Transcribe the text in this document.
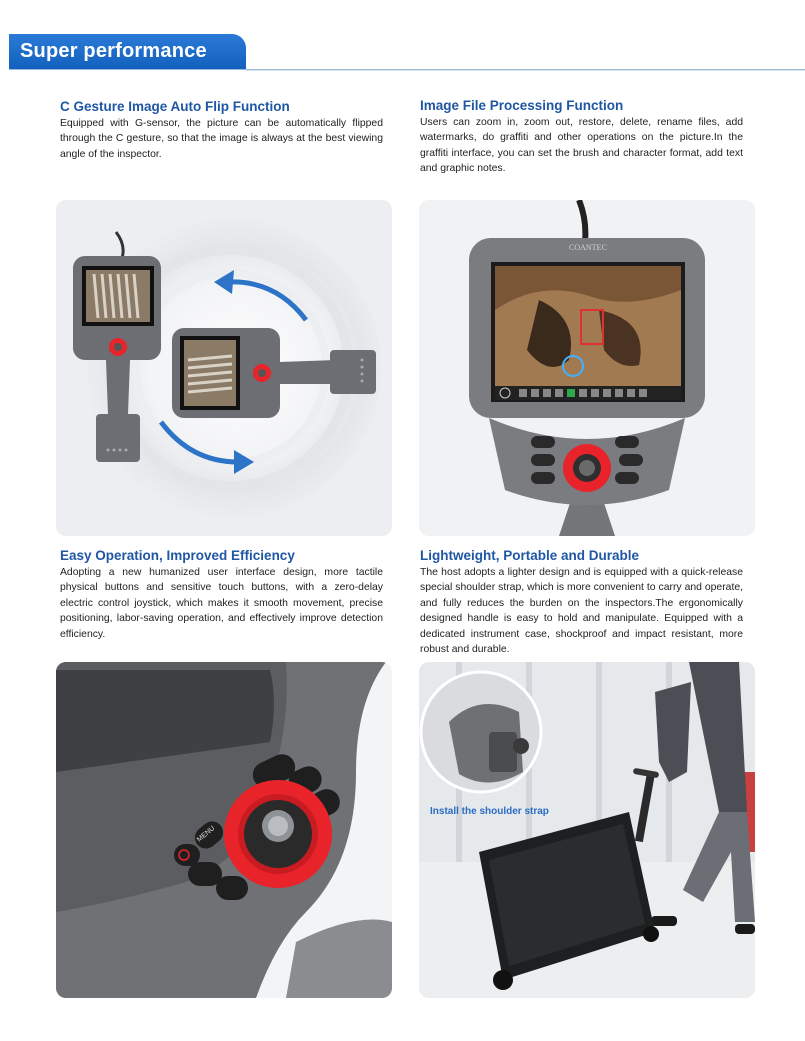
Super performance
C Gesture Image Auto Flip Function

Equipped with G-sensor, the picture can be automatically flipped through the C gesture, so that the image is always at the best viewing angle of the inspector.

Image File Processing Function

Users can zoom in, zoom out, restore, delete, rename files, add watermarks, do graffiti and other operations on the picture.In the graffiti interface, you can set the brush and character format, add text and graphic notes.

COANTEC
Easy Operation, Improved Efficiency

Adopting a new humanized user interface design, more tactile physical buttons and sensitive touch buttons, with a zero-delay electric control joystick, which makes it smooth movement, precise positioning, labor-saving operation, and effectively improve detection efficiency.

Lightweight, Portable and Durable

The host adopts a lighter design and is equipped with a quick-release special shoulder strap, which is more convenient to carry and operate, and fully reduces the burden on the inspectors.The ergonomically designed handle is easy to hold and manipulate. Equipped with a dedicated instrument case, shockproof and impact resistant, more robust and durable.

MENU
Install the shoulder strap
